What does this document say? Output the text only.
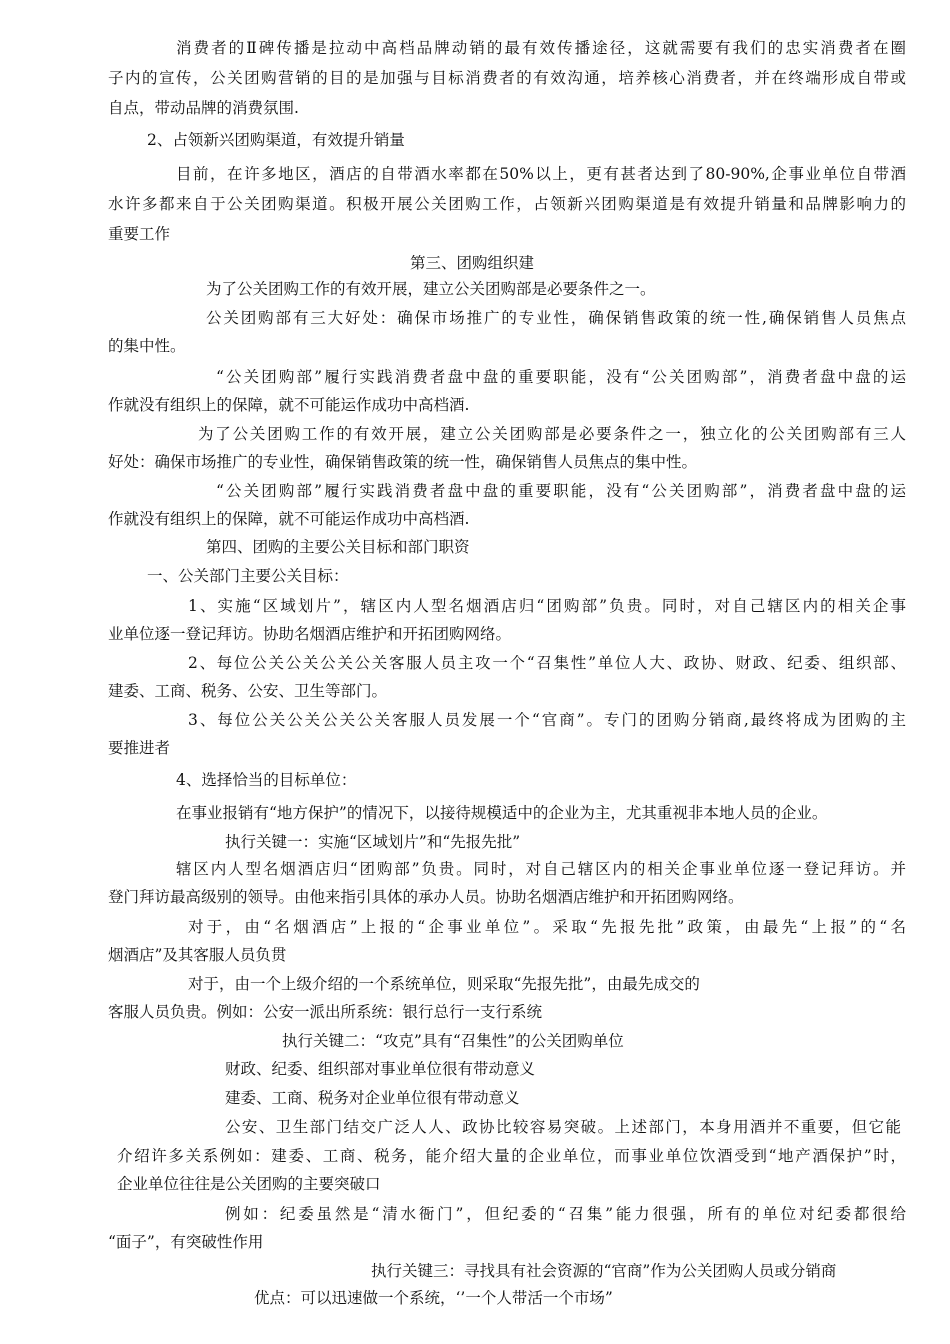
消费者的Ⅱ碑传播是拉动中高档品牌动销的最有效传播途径，这就需要有我们的忠实消费者在圈
子内的宣传，公关团购营销的目的是加强与目标消费者的有效沟通，培养核心消费者，并在终端形成自带或
自点，带动品牌的消费氛围.
2、占领新兴团购渠道，有效提升销量
目前，在许多地区，酒店的自带酒水率都在50%以上，更有甚者达到了80-90%,企事业单位自带酒
水许多都来自于公关团购渠道。积极开展公关团购工作，占领新兴团购渠道是有效提升销量和品牌影响力的
重要工作
第三、团购组织建
为了公关团购工作的有效开展，建立公关团购部是必要条件之一。
公关团购部有三大好处：确保市场推广的专业性，确保销售政策的统一性,确保销售人员焦点
的集中性。
“公关团购部”履行实践消费者盘中盘的重要职能，没有“公关团购部”，消费者盘中盘的运
作就没有组织上的保障，就不可能运作成功中高档酒.
为了公关团购工作的有效开展，建立公关团购部是必要条件之一，独立化的公关团购部有三人
好处：确保市场推广的专业性，确保销售政策的统一性，确保销售人员焦点的集中性。
“公关团购部”履行实践消费者盘中盘的重要职能，没有“公关团购部”，消费者盘中盘的运
作就没有组织上的保障，就不可能运作成功中高档酒.
第四、团购的主要公关目标和部门职资
一、公关部门主要公关目标：
1、实施“区域划片”，辖区内人型名烟酒店归“团购部”负贵。同时，对自己辖区内的相关企事
业单位逐一登记拜访。协助名烟酒店维护和开拓团购网络。
2、每位公关公关公关公关客服人员主攻一个“召集性”单位人大、政协、财政、纪委、组织部、
建委、工商、税务、公安、卫生等部门。
3、每位公关公关公关公关客服人员发展一个“官商”。专门的团购分销商,最终将成为团购的主
要推进者
4、选择恰当的目标单位：
在事业报销有“地方保护”的情况下，以接待规模适中的企业为主，尤其重视非本地人员的企业。
执行关键一：实施“区域划片”和“先报先批”
辖区内人型名烟酒店归“团购部”负贵。同时，对自己辖区内的相关企事业单位逐一登记拜访。并
登门拜访最高级别的领导。由他来指引具体的承办人员。协助名烟酒店维护和开拓团购网络。
对于，由“名烟酒店”上报的“企事业单位”。采取“先报先批”政策，由最先“上报”的“名
烟酒店”及其客服人员负贯
对于，由一个上级介绍的一个系统单位，则采取“先报先批”，由最先成交的
客服人员负贵。例如：公安一派出所系统：银行总行一支行系统
执行关键二：“攻克”具有“召集性”的公关团购单位
财政、纪委、组织部对事业单位很有带动意义
建委、工商、税务对企业单位很有带动意义
公安、卫生部门结交广泛人人、政协比较容易突破。上述部门，本身用酒并不重要，但它能
介绍许多关系例如：建委、工商、税务，能介绍大量的企业单位，而事业单位饮酒受到“地产酒保护”时，
企业单位往往是公关团购的主要突破口
例如：纪委虽然是“清水衙门”，但纪委的“召集”能力很强，所有的单位对纪委都很给
“面子”，有突破性作用
执行关键三：寻找具有社会资源的“官商”作为公关团购人员或分销商
优点：可以迅速做一个系统，‘’一个人带活一个市场”
